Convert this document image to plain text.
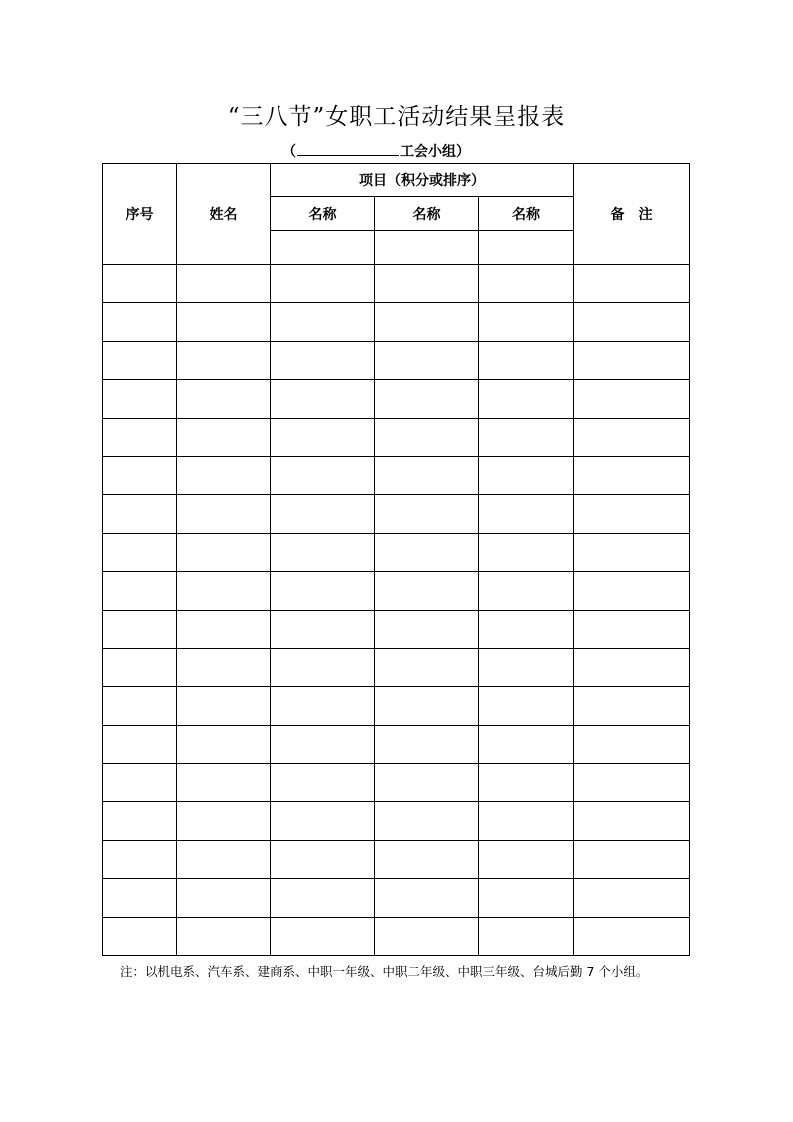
“三八节”女职工活动结果呈报表
（	工会小组）
序号	姓名	项目（积分或排序）			备　注
		名称	名称	名称	

注：以机电系、汽车系、建商系、中职一年级、中职二年级、中职三年级、台城后勤 7 个小组。
